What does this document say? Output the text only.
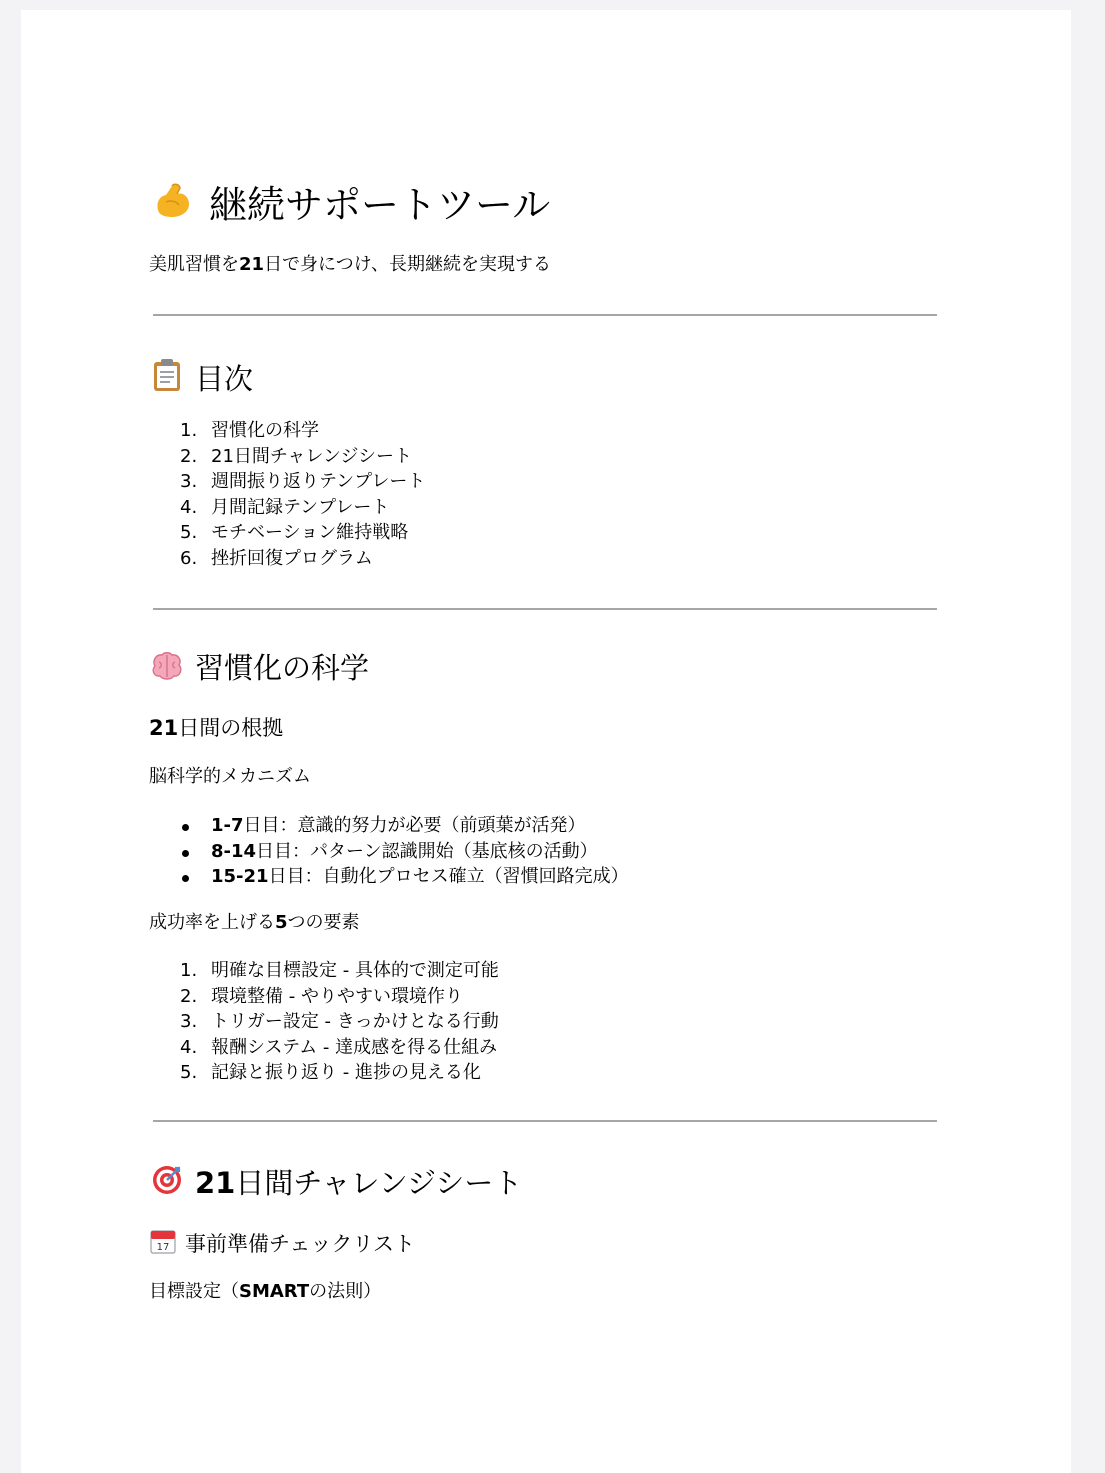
継続サポートツール
美肌習慣を21日で身につけ、長期継続を実現する
目次
1. 習慣化の科学
2. 21日間チャレンジシート
3. 週間振り返りテンプレート
4. 月間記録テンプレート
5. モチベーション維持戦略
6. 挫折回復プログラム
習慣化の科学
21日間の根拠
脳科学的メカニズム
1-7日目：意識的努力が必要（前頭葉が活発）
8-14日目：パターン認識開始（基底核の活動）
15-21日目：自動化プロセス確立（習慣回路完成）
成功率を上げる5つの要素
1. 明確な目標設定 - 具体的で測定可能
2. 環境整備 - やりやすい環境作り
3. トリガー設定 - きっかけとなる行動
4. 報酬システム - 達成感を得る仕組み
5. 記録と振り返り - 進捗の見える化
21日間チャレンジシート
17 事前準備チェックリスト
目標設定（SMARTの法則）
